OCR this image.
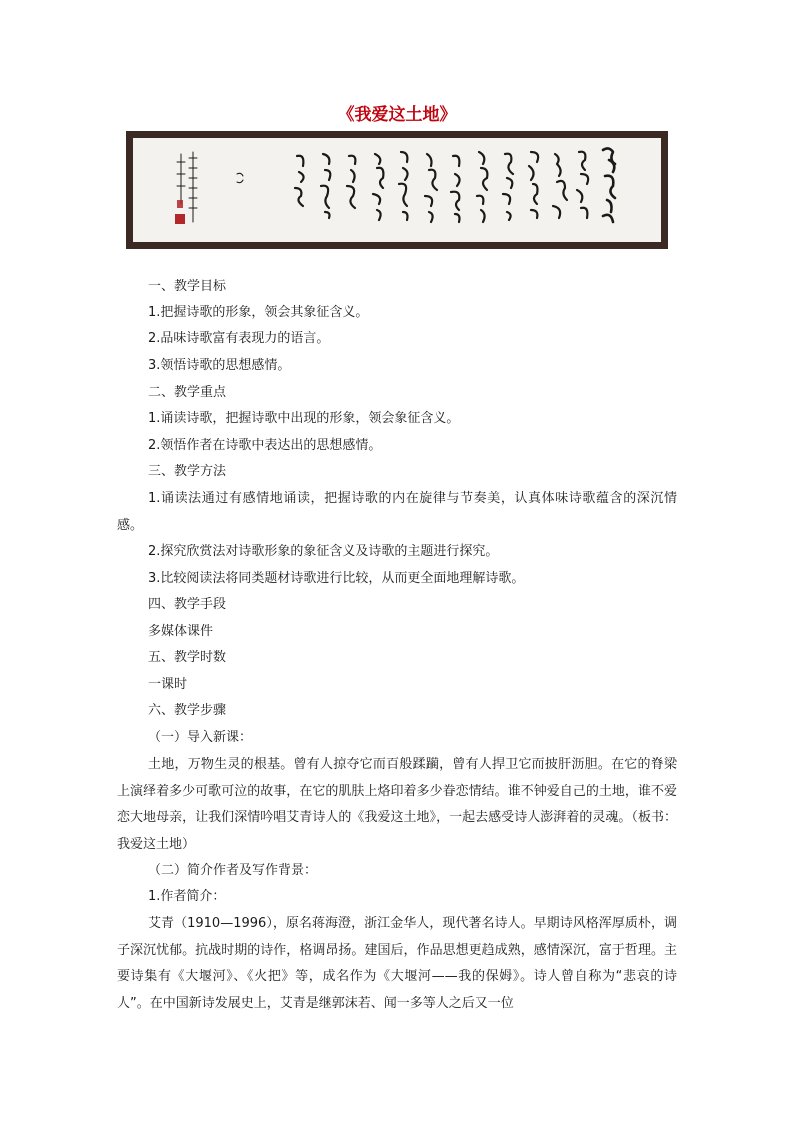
《我爱这土地》
一、教学目标
1.把握诗歌的形象，领会其象征含义。
2.品味诗歌富有表现力的语言。
3.领悟诗歌的思想感情。
二、教学重点
1.诵读诗歌，把握诗歌中出现的形象，领会象征含义。
2.领悟作者在诗歌中表达出的思想感情。
三、教学方法
1.诵读法通过有感情地诵读，把握诗歌的内在旋律与节奏美，认真体味诗歌蕴含的深沉情感。
2.探究欣赏法对诗歌形象的象征含义及诗歌的主题进行探究。
3.比较阅读法将同类题材诗歌进行比较，从而更全面地理解诗歌。
四、教学手段
多媒体课件
五、教学时数
一课时
六、教学步骤
（一）导入新课：
土地，万物生灵的根基。曾有人掠夺它而百般蹂躏，曾有人捍卫它而披肝沥胆。在它的脊梁上演绎着多少可歌可泣的故事，在它的肌肤上烙印着多少眷恋情结。谁不钟爱自己的土地，谁不爱恋大地母亲，让我们深情吟唱艾青诗人的《我爱这土地》，一起去感受诗人澎湃着的灵魂。（板书：我爱这土地）
（二）简介作者及写作背景：
1.作者简介：
艾青（1910—1996），原名蒋海澄，浙江金华人，现代著名诗人。早期诗风格浑厚质朴，调子深沉忧郁。抗战时期的诗作，格调昂扬。建国后，作品思想更趋成熟，感情深沉，富于哲理。主要诗集有《大堰河》、《火把》等，成名作为《大堰河——我的保姆》。诗人曾自称为“悲哀的诗人”。在中国新诗发展史上，艾青是继郭沫若、闻一多等人之后又一位
